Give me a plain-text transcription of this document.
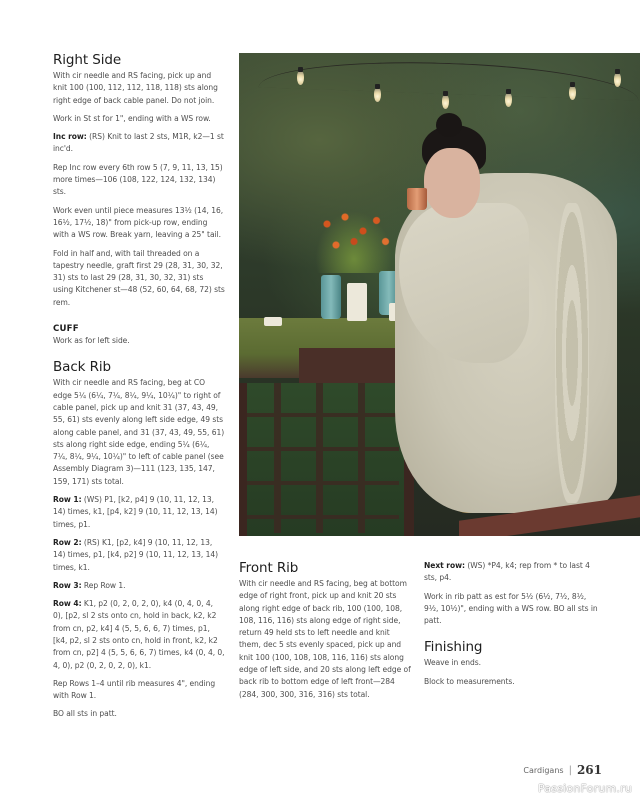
Right Side

With cir needle and RS facing, pick up and knit 100 (100, 112, 112, 118, 118) sts along right edge of back cable panel. Do not join.

Work in St st for 1", ending with a WS row.

Inc row: (RS) Knit to last 2 sts, M1R, k2—1 st inc'd.

Rep Inc row every 6th row 5 (7, 9, 11, 13, 15) more times—106 (108, 122, 124, 132, 134) sts.

Work even until piece measures 13½ (14, 16, 16½, 17½, 18)" from pick-up row, ending with a WS row. Break yarn, leaving a 25" tail.

Fold in half and, with tail threaded on a tapestry needle, graft first 29 (28, 31, 30, 32, 31) sts to last 29 (28, 31, 30, 32, 31) sts using Kitchener st—48 (52, 60, 64, 68, 72) sts rem.

CUFF

Work as for left side.

Back Rib

With cir needle and RS facing, beg at CO edge 5¼ (6¼, 7¼, 8¼, 9¼, 10¼)" to right of cable panel, pick up and knit 31 (37, 43, 49, 55, 61) sts evenly along left side edge, 49 sts along cable panel, and 31 (37, 43, 49, 55, 61) sts along right side edge, ending 5¼ (6¼, 7¼, 8¼, 9¼, 10¼)" to left of cable panel (see Assembly Diagram 3)—111 (123, 135, 147, 159, 171) sts total.

Row 1: (WS) P1, [k2, p4] 9 (10, 11, 12, 13, 14) times, k1, [p4, k2] 9 (10, 11, 12, 13, 14) times, p1.

Row 2: (RS) K1, [p2, k4] 9 (10, 11, 12, 13, 14) times, p1, [k4, p2] 9 (10, 11, 12, 13, 14) times, k1.

Row 3: Rep Row 1.

Row 4: K1, p2 (0, 2, 0, 2, 0), k4 (0, 4, 0, 4, 0), [p2, sl 2 sts onto cn, hold in back, k2, k2 from cn, p2, k4] 4 (5, 5, 6, 6, 7) times, p1, [k4, p2, sl 2 sts onto cn, hold in front, k2, k2 from cn, p2] 4 (5, 5, 6, 6, 7) times, k4 (0, 4, 0, 4, 0), p2 (0, 2, 0, 2, 0), k1.

Rep Rows 1–4 until rib measures 4", ending with Row 1.

BO all sts in patt.

Front Rib

With cir needle and RS facing, beg at bottom edge of right front, pick up and knit 20 sts along right edge of back rib, 100 (100, 108, 108, 116, 116) sts along edge of right side, return 49 held sts to left needle and knit them, dec 5 sts evenly spaced, pick up and knit 100 (100, 108, 108, 116, 116) sts along edge of left side, and 20 sts along left edge of back rib to bottom edge of left front—284 (284, 300, 300, 316, 316) sts total.

Next row: (WS) *P4, k4; rep from * to last 4 sts, p4.

Work in rib patt as est for 5½ (6½, 7½, 8½, 9½, 10½)", ending with a WS row. BO all sts in patt.

Finishing

Weave in ends.

Block to measurements.

Cardigans | 261
PassionForum.ru
